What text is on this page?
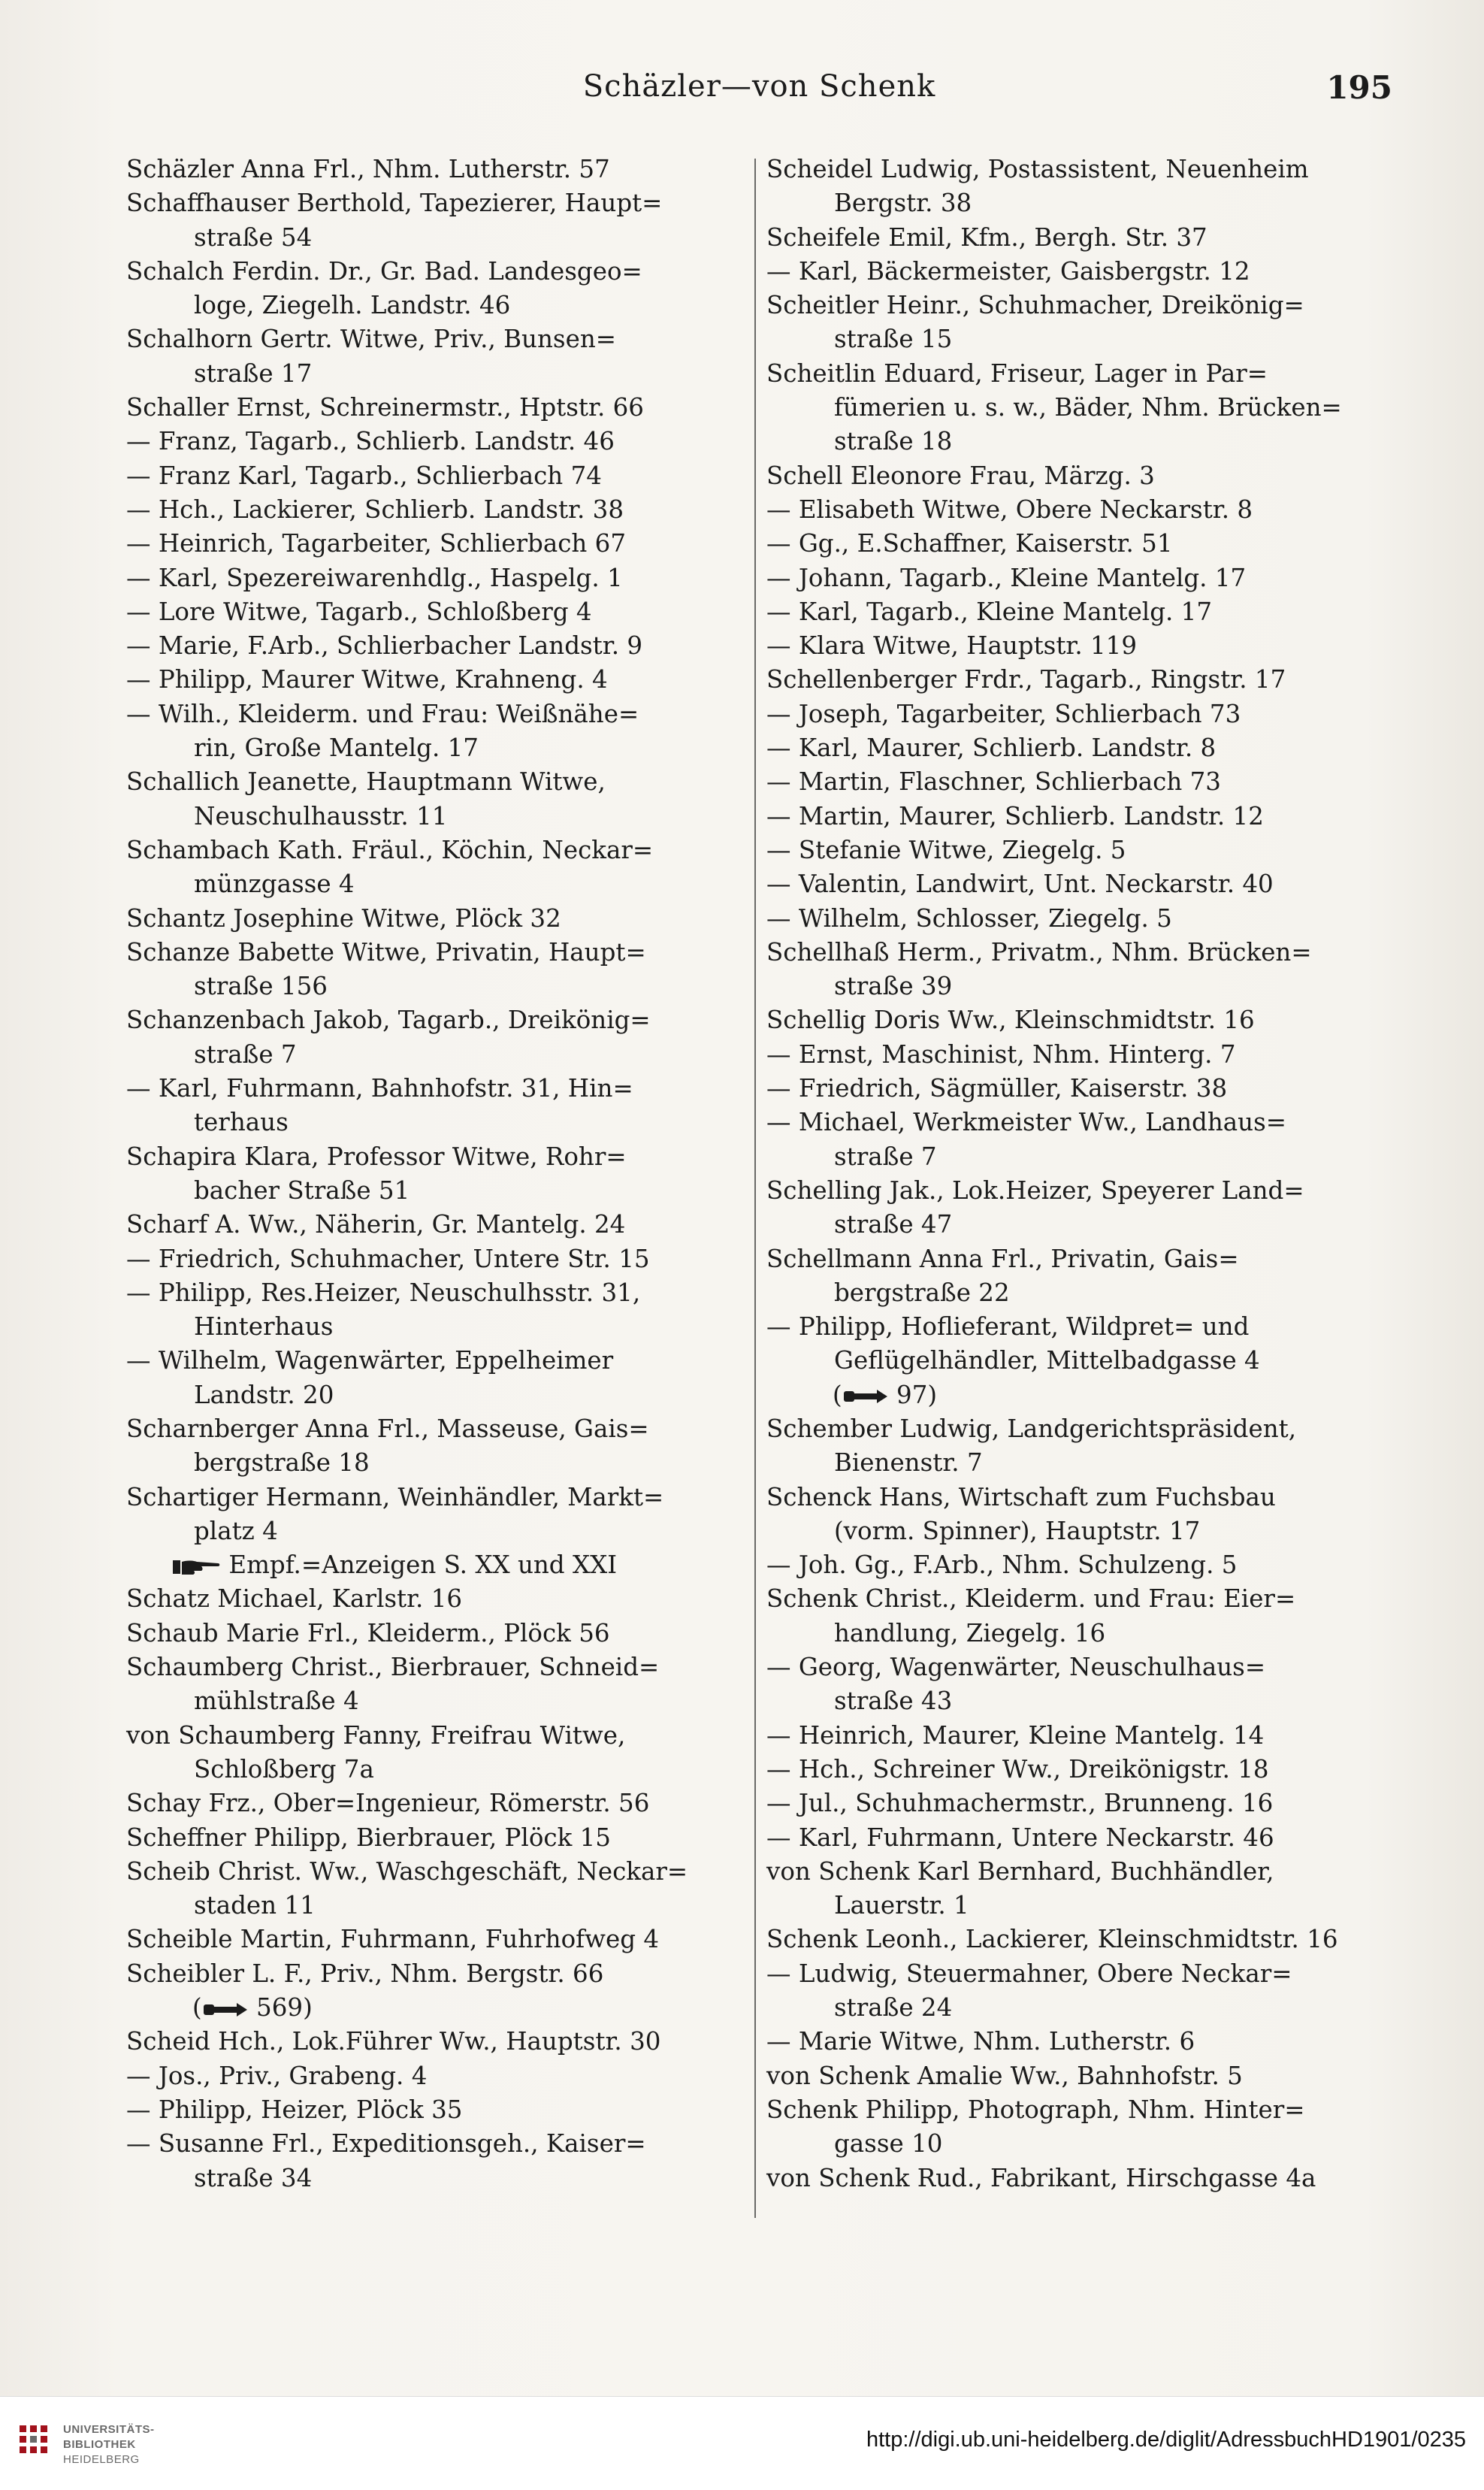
Schäzler—von Schenk	195
Schäzler Anna Frl., Nhm. Lutherstr. 57
Schaffhauser Berthold, Tapezierer, Haupt=
straße 54
Schalch Ferdin. Dr., Gr. Bad. Landesgeo=
loge, Ziegelh. Landstr. 46
Schalhorn Gertr. Witwe, Priv., Bunsen=
straße 17
Schaller Ernst, Schreinermstr., Hptstr. 66
— Franz, Tagarb., Schlierb. Landstr. 46
— Franz Karl, Tagarb., Schlierbach 74
— Hch., Lackierer, Schlierb. Landstr. 38
— Heinrich, Tagarbeiter, Schlierbach 67
— Karl, Spezereiwarenhdlg., Haspelg. 1
— Lore Witwe, Tagarb., Schloßberg 4
— Marie, F.Arb., Schlierbacher Landstr. 9
— Philipp, Maurer Witwe, Krahneng. 4
— Wilh., Kleiderm. und Frau: Weißnähe=
rin, Große Mantelg. 17
Schallich Jeanette, Hauptmann Witwe,
Neuschulhausstr. 11
Schambach Kath. Fräul., Köchin, Neckar=
münzgasse 4
Schantz Josephine Witwe, Plöck 32
Schanze Babette Witwe, Privatin, Haupt=
straße 156
Schanzenbach Jakob, Tagarb., Dreikönig=
straße 7
— Karl, Fuhrmann, Bahnhofstr. 31, Hin=
terhaus
Schapira Klara, Professor Witwe, Rohr=
bacher Straße 51
Scharf A. Ww., Näherin, Gr. Mantelg. 24
— Friedrich, Schuhmacher, Untere Str. 15
— Philipp, Res.Heizer, Neuschulhsstr. 31,
Hinterhaus
— Wilhelm, Wagenwärter, Eppelheimer
Landstr. 20
Scharnberger Anna Frl., Masseuse, Gais=
bergstraße 18
Schartiger Hermann, Weinhändler, Markt=
platz 4
Empf.=Anzeigen S. XX und XXI
Schatz Michael, Karlstr. 16
Schaub Marie Frl., Kleiderm., Plöck 56
Schaumberg Christ., Bierbrauer, Schneid=
mühlstraße 4
von Schaumberg Fanny, Freifrau Witwe,
Schloßberg 7a
Schay Frz., Ober=Ingenieur, Römerstr. 56
Scheffner Philipp, Bierbrauer, Plöck 15
Scheib Christ. Ww., Waschgeschäft, Neckar=
staden 11
Scheible Martin, Fuhrmann, Fuhrhofweg 4
Scheibler L. F., Priv., Nhm. Bergstr. 66
( 569)
Scheid Hch., Lok.Führer Ww., Hauptstr. 30
— Jos., Priv., Grabeng. 4
— Philipp, Heizer, Plöck 35
— Susanne Frl., Expeditionsgeh., Kaiser=
straße 34
Scheidel Ludwig, Postassistent, Neuenheim
Bergstr. 38
Scheifele Emil, Kfm., Bergh. Str. 37
— Karl, Bäckermeister, Gaisbergstr. 12
Scheitler Heinr., Schuhmacher, Dreikönig=
straße 15
Scheitlin Eduard, Friseur, Lager in Par=
fümerien u. s. w., Bäder, Nhm. Brücken=
straße 18
Schell Eleonore Frau, Märzg. 3
— Elisabeth Witwe, Obere Neckarstr. 8
— Gg., E.Schaffner, Kaiserstr. 51
— Johann, Tagarb., Kleine Mantelg. 17
— Karl, Tagarb., Kleine Mantelg. 17
— Klara Witwe, Hauptstr. 119
Schellenberger Frdr., Tagarb., Ringstr. 17
— Joseph, Tagarbeiter, Schlierbach 73
— Karl, Maurer, Schlierb. Landstr. 8
— Martin, Flaschner, Schlierbach 73
— Martin, Maurer, Schlierb. Landstr. 12
— Stefanie Witwe, Ziegelg. 5
— Valentin, Landwirt, Unt. Neckarstr. 40
— Wilhelm, Schlosser, Ziegelg. 5
Schellhaß Herm., Privatm., Nhm. Brücken=
straße 39
Schellig Doris Ww., Kleinschmidtstr. 16
— Ernst, Maschinist, Nhm. Hinterg. 7
— Friedrich, Sägmüller, Kaiserstr. 38
— Michael, Werkmeister Ww., Landhaus=
straße 7
Schelling Jak., Lok.Heizer, Speyerer Land=
straße 47
Schellmann Anna Frl., Privatin, Gais=
bergstraße 22
— Philipp, Hoflieferant, Wildpret= und
Geflügelhändler, Mittelbadgasse 4
( 97)
Schember Ludwig, Landgerichtspräsident,
Bienenstr. 7
Schenck Hans, Wirtschaft zum Fuchsbau
(vorm. Spinner), Hauptstr. 17
— Joh. Gg., F.Arb., Nhm. Schulzeng. 5
Schenk Christ., Kleiderm. und Frau: Eier=
handlung, Ziegelg. 16
— Georg, Wagenwärter, Neuschulhaus=
straße 43
— Heinrich, Maurer, Kleine Mantelg. 14
— Hch., Schreiner Ww., Dreikönigstr. 18
— Jul., Schuhmachermstr., Brunneng. 16
— Karl, Fuhrmann, Untere Neckarstr. 46
von Schenk Karl Bernhard, Buchhändler,
Lauerstr. 1
Schenk Leonh., Lackierer, Kleinschmidtstr. 16
— Ludwig, Steuermahner, Obere Neckar=
straße 24
— Marie Witwe, Nhm. Lutherstr. 6
von Schenk Amalie Ww., Bahnhofstr. 5
Schenk Philipp, Photograph, Nhm. Hinter=
gasse 10
von Schenk Rud., Fabrikant, Hirschgasse 4a
UNIVERSITÄTS-
BIBLIOTHEK
HEIDELBERG
http://digi.ub.uni-heidelberg.de/diglit/AdressbuchHD1901/0235
